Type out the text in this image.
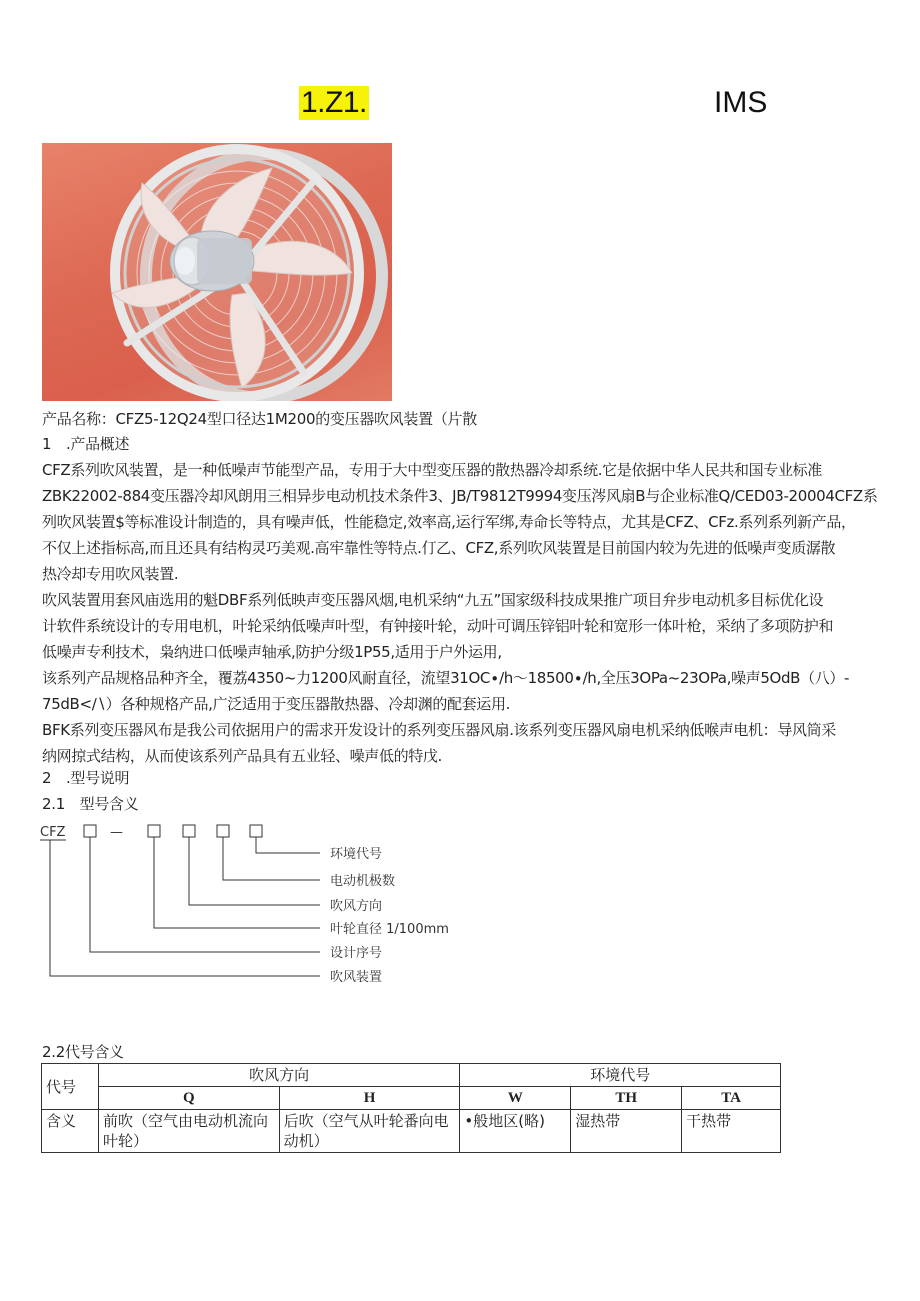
1.Z1.	IMS
产品名称：CFZ5-12Q24型口径达1M200的变压器吹风装置（片散
1　.产品概述
CFZ系列吹风装置，是一种低噪声节能型产品，专用于大中型变压器的散热器冷却系统.它是依据中华人民共和国专业标准
ZBK22002-884变压器冷却风朗用三相异步电动机技术条件3、JB/T9812T9994变压涔风扇B与企业标准Q/CED03-20004CFZ系
列吹风装置$等标准设计制造的，具有噪声低，性能稳定,效率高,运行军绑,寿命长等特点，尤其是CFZ、CFz.系列系列新产品，
不仅上述指标高,而且还具有结构灵巧美观.高牢靠性等特点.仃乙、CFZ,系列吹风装置是目前国内较为先进的低噪声变质潺散
热冷却专用吹风装置.
吹风装置用套风庙选用的魁DBF系列低映声变压器风烟,电机采纳“九五”国家级科技成果推广项目弁步电动机多目标优化设
计软件系统设计的专用电机，叶轮采纳低噪声叶型，有钟接叶轮，动叶可调压锌铝叶轮和宽形一体叶枪，采纳了多项防护和
低噪声专利技术，枭纳进口低噪声轴承,防护分级1P55,适用于户外运用,
该系列产品规格品种齐全，覆荔4350~力1200风耐直径，流望31OC∙∕h～18500∙∕h,全压3OPa~23OPa,噪声5OdB（八）-
75dB<∕∖）各种规格产品,广泛适用于变压器散热器、冷却渊的配套运用.
BFK系列变压器风布是我公司依据用户的需求开发设计的系列变压器风扇.该系列变压器风扇电机采纳低喉声电机：导风筒采
纳网掠式结构，从而使该系列产品具有五业轻、噪声低的特戊.
2　.型号说明
2.1　型号含义
CFZ	—
环境代号
电动机极数
吹风方向
叶轮直径 1/100mm
设计序号
吹风装置
2.2代号含义
代号	吹风方向		环境代号		
	Q	H	W	TH	TA
含义	前吹（空气由电动机流向叶轮）	后吹（空气从叶轮番向电动机）	•般地区(略)	湿热带	干热带
